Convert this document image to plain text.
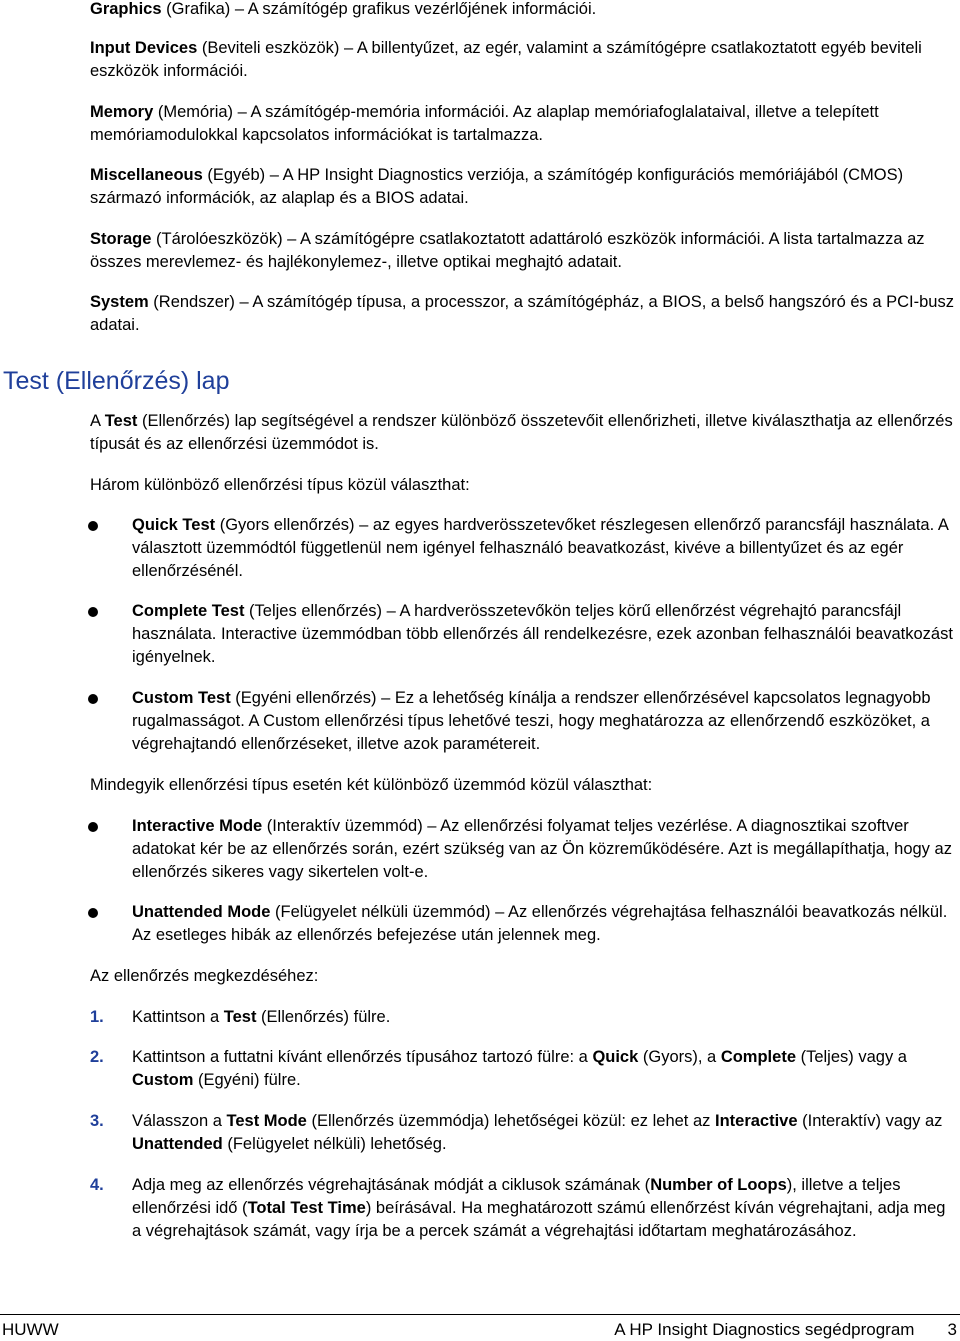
Graphics (Grafika) – A számítógép grafikus vezérlőjének információi.

Input Devices (Beviteli eszközök) – A billentyűzet, az egér, valamint a számítógépre csatlakoztatott egyéb beviteli eszközök információi.

Memory (Memória) – A számítógép-memória információi. Az alaplap memóriafoglalataival, illetve a telepített memóriamodulokkal kapcsolatos információkat is tartalmazza.

Miscellaneous (Egyéb) – A HP Insight Diagnostics verziója, a számítógép konfigurációs memóriájából (CMOS) származó információk, az alaplap és a BIOS adatai.

Storage (Tárolóeszközök) – A számítógépre csatlakoztatott adattároló eszközök információi. A lista tartalmazza az összes merevlemez- és hajlékonylemez-, illetve optikai meghajtó adatait.

System (Rendszer) – A számítógép típusa, a processzor, a számítógépház, a BIOS, a belső hangszóró és a PCI-busz adatai.

Test (Ellenőrzés) lap

A Test (Ellenőrzés) lap segítségével a rendszer különböző összetevőit ellenőrizheti, illetve kiválaszthatja az ellenőrzés típusát és az ellenőrzési üzemmódot is.

Három különböző ellenőrzési típus közül választhat:

Quick Test (Gyors ellenőrzés) – az egyes hardverösszetevőket részlegesen ellenőrző parancsfájl használata. A választott üzemmódtól függetlenül nem igényel felhasználó beavatkozást, kivéve a billentyűzet és az egér ellenőrzésénél.

Complete Test (Teljes ellenőrzés) – A hardverösszetevőkön teljes körű ellenőrzést végrehajtó parancsfájl használata. Interactive üzemmódban több ellenőrzés áll rendelkezésre, ezek azonban felhasználói beavatkozást igényelnek.

Custom Test (Egyéni ellenőrzés) – Ez a lehetőség kínálja a rendszer ellenőrzésével kapcsolatos legnagyobb rugalmasságot. A Custom ellenőrzési típus lehetővé teszi, hogy meghatározza az ellenőrzendő eszközöket, a végrehajtandó ellenőrzéseket, illetve azok paramétereit.

Mindegyik ellenőrzési típus esetén két különböző üzemmód közül választhat:

Interactive Mode (Interaktív üzemmód) – Az ellenőrzési folyamat teljes vezérlése. A diagnosztikai szoftver adatokat kér be az ellenőrzés során, ezért szükség van az Ön közreműködésére. Azt is megállapíthatja, hogy az ellenőrzés sikeres vagy sikertelen volt-e.

Unattended Mode (Felügyelet nélküli üzemmód) – Az ellenőrzés végrehajtása felhasználói beavatkozás nélkül. Az esetleges hibák az ellenőrzés befejezése után jelennek meg.

Az ellenőrzés megkezdéséhez:

1.	Kattintson a Test (Ellenőrzés) fülre.

2.	Kattintson a futtatni kívánt ellenőrzés típusához tartozó fülre: a Quick (Gyors), a Complete (Teljes) vagy a Custom (Egyéni) fülre.

3.	Válasszon a Test Mode (Ellenőrzés üzemmódja) lehetőségei közül: ez lehet az Interactive (Interaktív) vagy az Unattended (Felügyelet nélküli) lehetőség.

4.	Adja meg az ellenőrzés végrehajtásának módját a ciklusok számának (Number of Loops), illetve a teljes ellenőrzési idő (Total Test Time) beírásával. Ha meghatározott számú ellenőrzést kíván végrehajtani, adja meg a végrehajtások számát, vagy írja be a percek számát a végrehajtási időtartam meghatározásához.

HUWW	A HP Insight Diagnostics segédprogram 3
